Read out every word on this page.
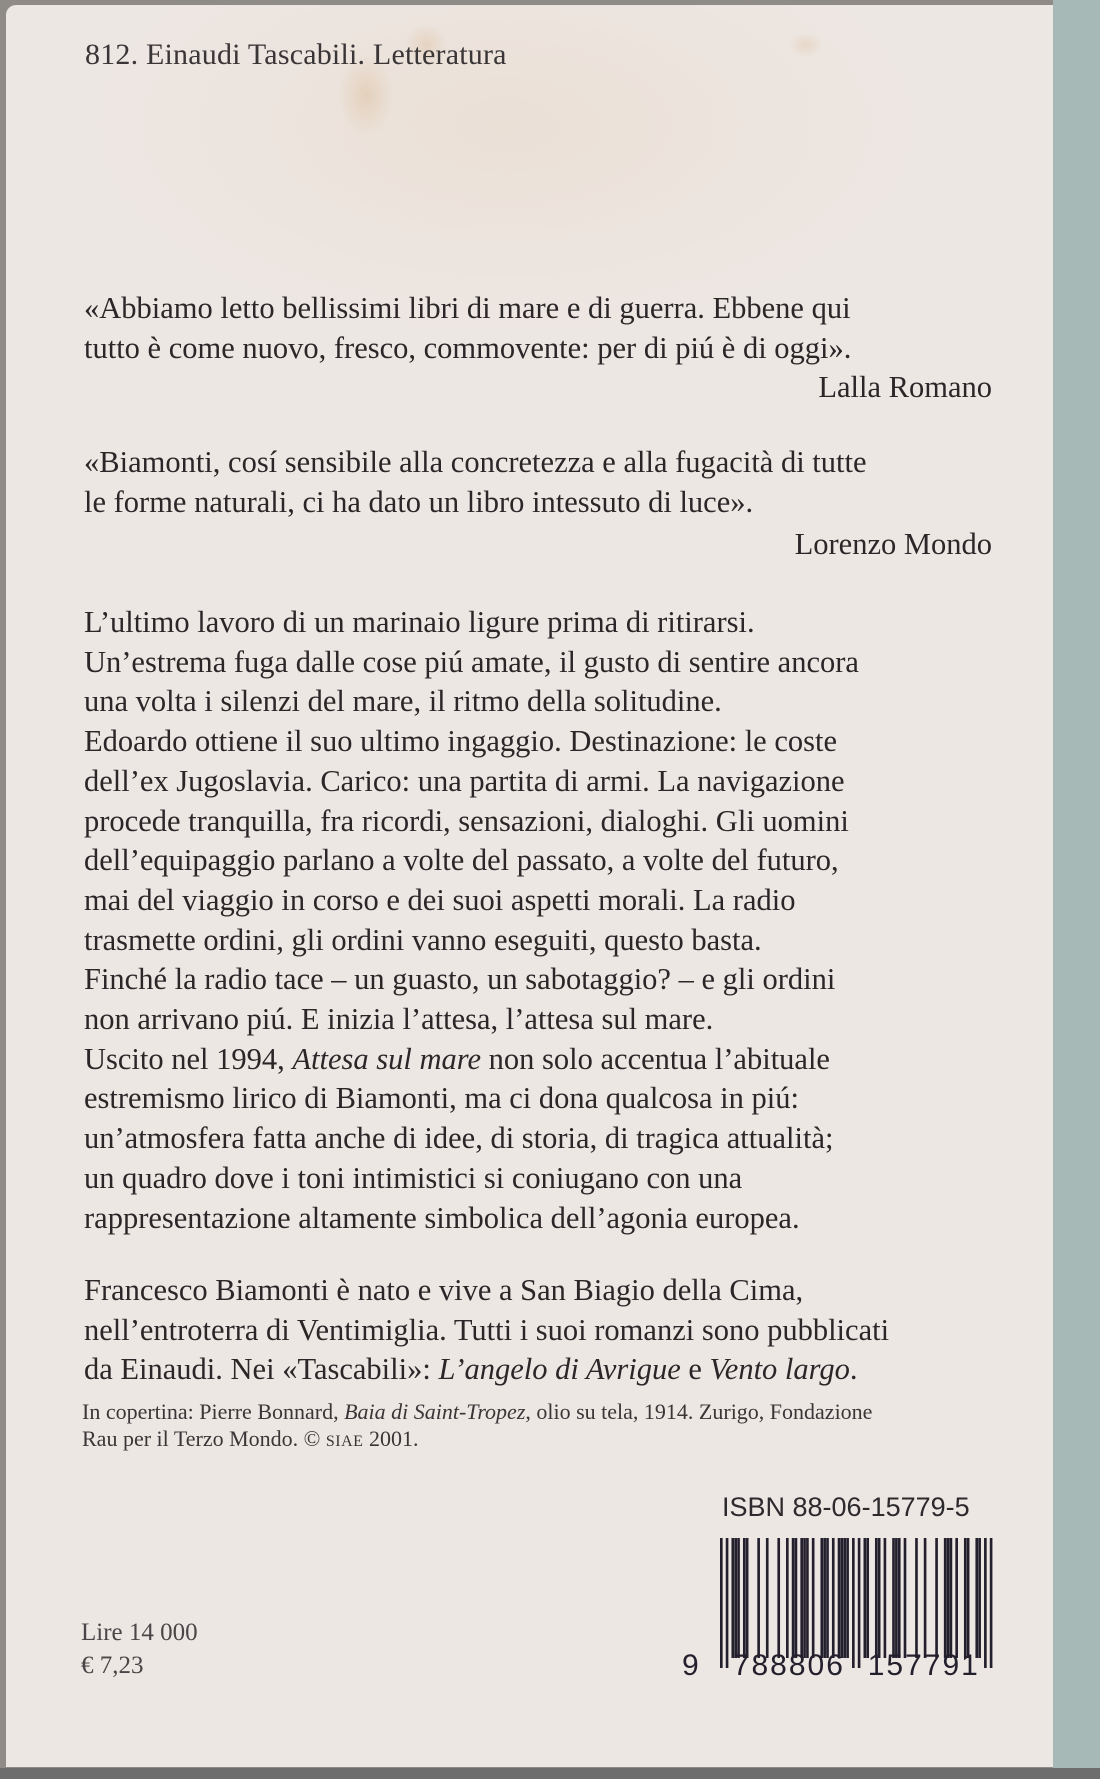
812. Einaudi Tascabili. Letteratura
«Abbiamo letto bellissimi libri di mare e di guerra. Ebbene qui
tutto è come nuovo, fresco, commovente: per di piú è di oggi».
Lalla Romano
«Biamonti, cosí sensibile alla concretezza e alla fugacità di tutte
le forme naturali, ci ha dato un libro intessuto di luce».
Lorenzo Mondo
L’ultimo lavoro di un marinaio ligure prima di ritirarsi.
Un’estrema fuga dalle cose piú amate, il gusto di sentire ancora
una volta i silenzi del mare, il ritmo della solitudine.
Edoardo ottiene il suo ultimo ingaggio. Destinazione: le coste
dell’ex Jugoslavia. Carico: una partita di armi. La navigazione
procede tranquilla, fra ricordi, sensazioni, dialoghi. Gli uomini
dell’equipaggio parlano a volte del passato, a volte del futuro,
mai del viaggio in corso e dei suoi aspetti morali. La radio
trasmette ordini, gli ordini vanno eseguiti, questo basta.
Finché la radio tace – un guasto, un sabotaggio? – e gli ordini
non arrivano piú. E inizia l’attesa, l’attesa sul mare.
Uscito nel 1994, Attesa sul mare non solo accentua l’abituale
estremismo lirico di Biamonti, ma ci dona qualcosa in piú:
un’atmosfera fatta anche di idee, di storia, di tragica attualità;
un quadro dove i toni intimistici si coniugano con una
rappresentazione altamente simbolica dell’agonia europea.
Francesco Biamonti è nato e vive a San Biagio della Cima,
nell’entroterra di Ventimiglia. Tutti i suoi romanzi sono pubblicati
da Einaudi. Nei «Tascabili»: L’angelo di Avrigue e Vento largo.
In copertina: Pierre Bonnard, Baia di Saint-Tropez, olio su tela, 1914. Zurigo, Fondazione
Rau per il Terzo Mondo. © SIAE 2001.
ISBN 88-06-15779-5
9 788806 157791
Lire 14 000
€ 7,23
